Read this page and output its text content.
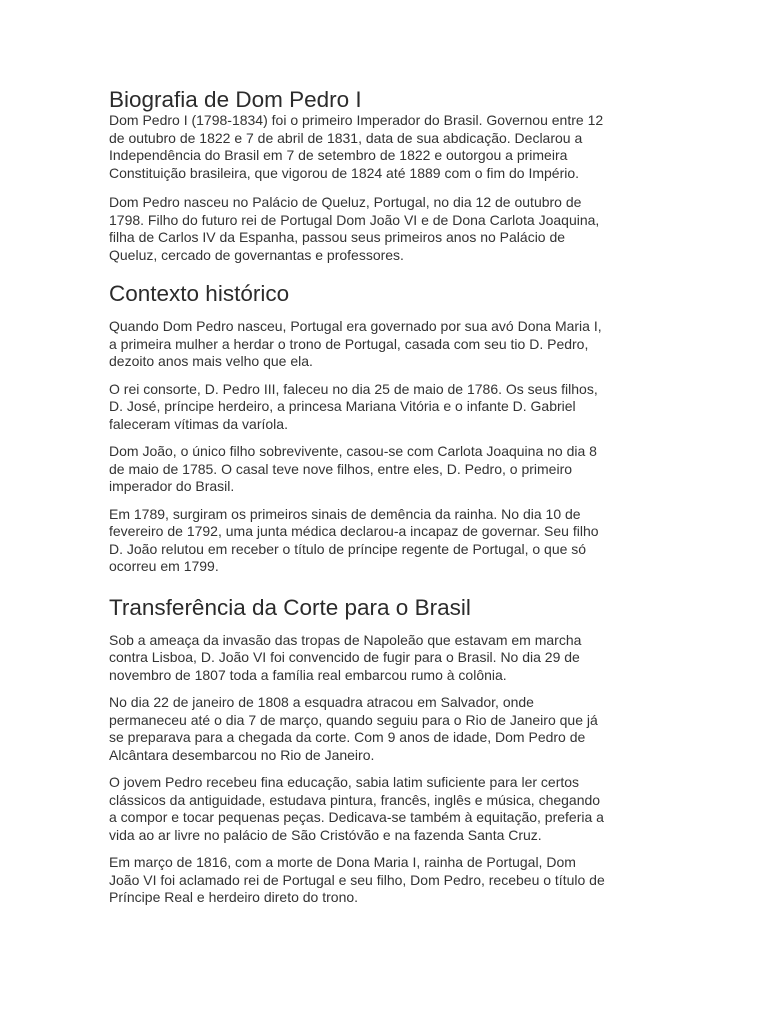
Biografia de Dom Pedro I

Dom Pedro I (1798-1834) foi o primeiro Imperador do Brasil. Governou entre 12
de outubro de 1822 e 7 de abril de 1831, data de sua abdicação. Declarou a
Independência do Brasil em 7 de setembro de 1822 e outorgou a primeira
Constituição brasileira, que vigorou de 1824 até 1889 com o fim do Império.

Dom Pedro nasceu no Palácio de Queluz, Portugal, no dia 12 de outubro de
1798. Filho do futuro rei de Portugal Dom João VI e de Dona Carlota Joaquina,
filha de Carlos IV da Espanha, passou seus primeiros anos no Palácio de
Queluz, cercado de governantas e professores.

Contexto histórico

Quando Dom Pedro nasceu, Portugal era governado por sua avó Dona Maria I,
a primeira mulher a herdar o trono de Portugal, casada com seu tio D. Pedro,
dezoito anos mais velho que ela.

O rei consorte, D. Pedro III, faleceu no dia 25 de maio de 1786. Os seus filhos,
D. José, príncipe herdeiro, a princesa Mariana Vitória e o infante D. Gabriel
faleceram vítimas da varíola.

Dom João, o único filho sobrevivente, casou-se com Carlota Joaquina no dia 8
de maio de 1785. O casal teve nove filhos, entre eles, D. Pedro, o primeiro
imperador do Brasil.

Em 1789, surgiram os primeiros sinais de demência da rainha. No dia 10 de
fevereiro de 1792, uma junta médica declarou-a incapaz de governar. Seu filho
D. João relutou em receber o título de príncipe regente de Portugal, o que só
ocorreu em 1799.

Transferência da Corte para o Brasil

Sob a ameaça da invasão das tropas de Napoleão que estavam em marcha
contra Lisboa, D. João VI foi convencido de fugir para o Brasil. No dia 29 de
novembro de 1807 toda a família real embarcou rumo à colônia.

No dia 22 de janeiro de 1808 a esquadra atracou em Salvador, onde
permaneceu até o dia 7 de março, quando seguiu para o Rio de Janeiro que já
se preparava para a chegada da corte. Com 9 anos de idade, Dom Pedro de
Alcântara desembarcou no Rio de Janeiro.

O jovem Pedro recebeu fina educação, sabia latim suficiente para ler certos
clássicos da antiguidade, estudava pintura, francês, inglês e música, chegando
a compor e tocar pequenas peças. Dedicava-se também à equitação, preferia a
vida ao ar livre no palácio de São Cristóvão e na fazenda Santa Cruz.

Em março de 1816, com a morte de Dona Maria I, rainha de Portugal, Dom
João VI foi aclamado rei de Portugal e seu filho, Dom Pedro, recebeu o título de
Príncipe Real e herdeiro direto do trono.
